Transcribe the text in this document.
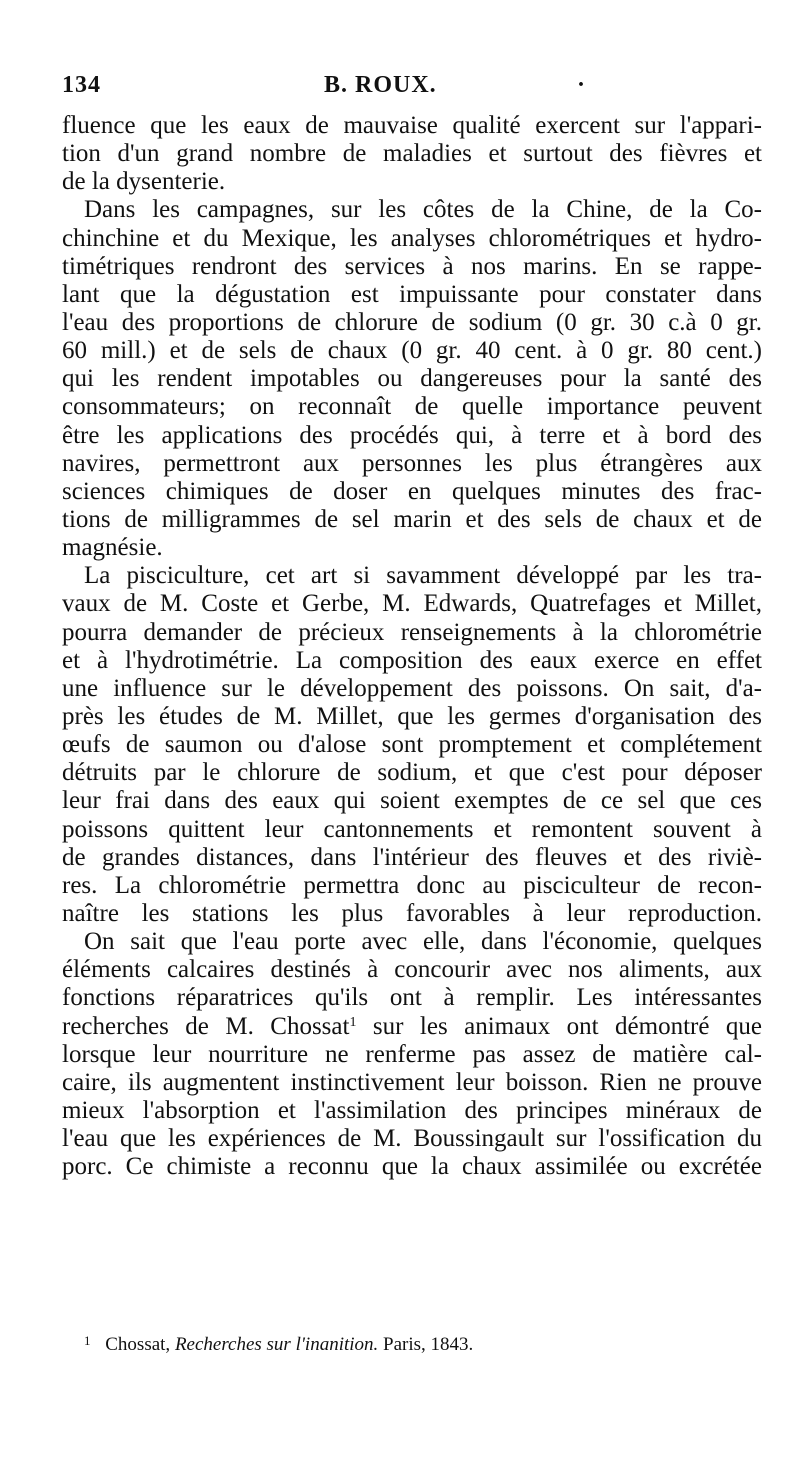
134	B. ROUX.	·
fluence que les eaux de mauvaise qualité exercent sur l'appari-
tion d'un grand nombre de maladies et surtout des fièvres et
de la dysenterie.
Dans les campagnes, sur les côtes de la Chine, de la Co-
chinchine et du Mexique, les analyses chlorométriques et hydro-
timétriques rendront des services à nos marins. En se rappe-
lant que la dégustation est impuissante pour constater dans
l'eau des proportions de chlorure de sodium (0 gr. 30 c.à 0 gr.
60 mill.) et de sels de chaux (0 gr. 40 cent. à 0 gr. 80 cent.)
qui les rendent impotables ou dangereuses pour la santé des
consommateurs; on reconnaît de quelle importance peuvent
être les applications des procédés qui, à terre et à bord des
navires, permettront aux personnes les plus étrangères aux
sciences chimiques de doser en quelques minutes des frac-
tions de milligrammes de sel marin et des sels de chaux et de
magnésie.
La pisciculture, cet art si savamment développé par les tra-
vaux de M. Coste et Gerbe, M. Edwards, Quatrefages et Millet,
pourra demander de précieux renseignements à la chlorométrie
et à l'hydrotimétrie. La composition des eaux exerce en effet
une influence sur le développement des poissons. On sait, d'a-
près les études de M. Millet, que les germes d'organisation des
œufs de saumon ou d'alose sont promptement et complétement
détruits par le chlorure de sodium, et que c'est pour déposer
leur frai dans des eaux qui soient exemptes de ce sel que ces
poissons quittent leur cantonnements et remontent souvent à
de grandes distances, dans l'intérieur des fleuves et des riviè-
res. La chlorométrie permettra donc au pisciculteur de recon-
naître les stations les plus favorables à leur reproduction.
On sait que l'eau porte avec elle, dans l'économie, quelques
éléments calcaires destinés à concourir avec nos aliments, aux
fonctions réparatrices qu'ils ont à remplir. Les intéressantes
recherches de M. Chossat$^1$ sur les animaux ont démontré que
lorsque leur nourriture ne renferme pas assez de matière cal-
caire, ils augmentent instinctivement leur boisson. Rien ne prouve
mieux l'absorption et l'assimilation des principes minéraux de
l'eau que les expériences de M. Boussingault sur l'ossification du
porc. Ce chimiste a reconnu que la chaux assimilée ou excrétée
$^1$ Chossat, Recherches sur l'inanition. Paris, 1843.
